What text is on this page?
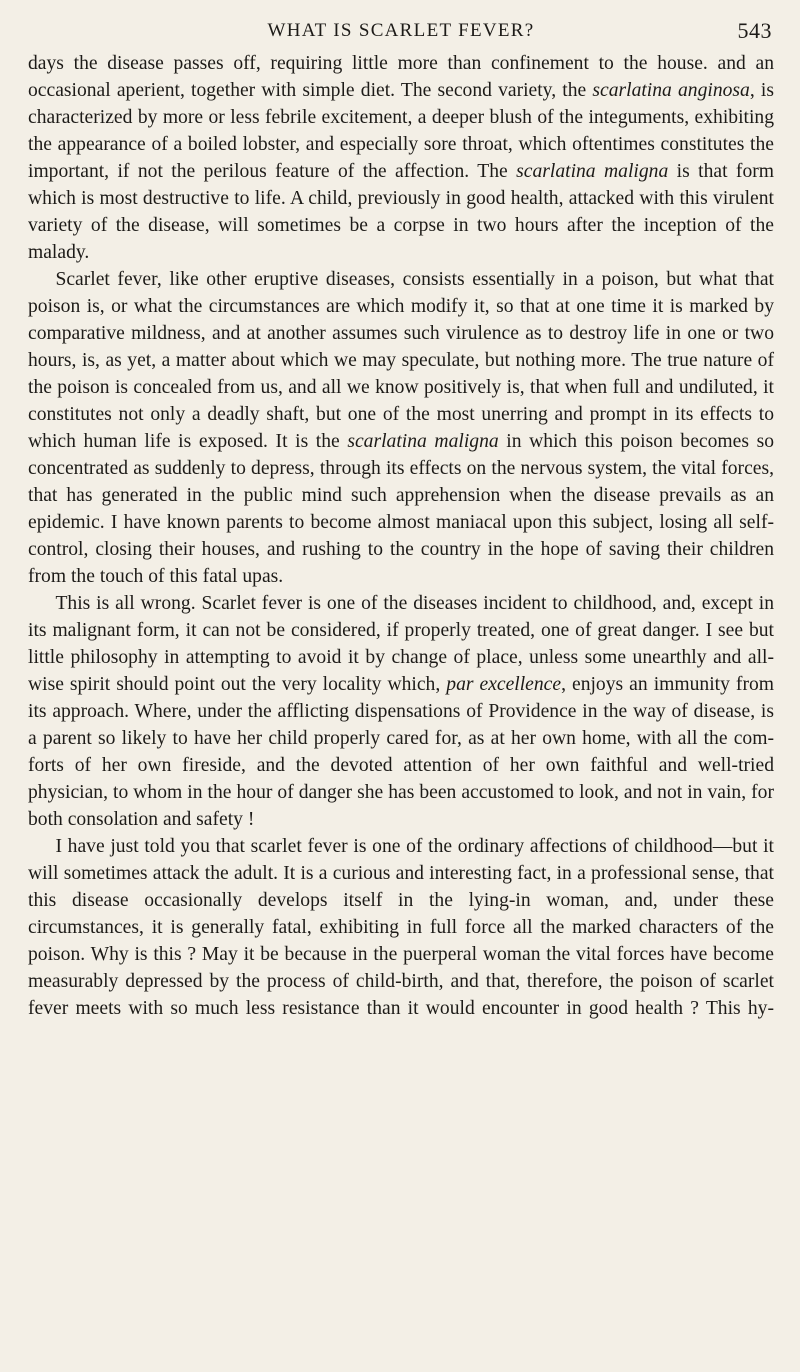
WHAT IS SCARLET FEVER?	543

days the disease passes off, requiring little more than confinement to the house. and an occasional aperient, together with simple diet. The second variety, the scarlatina anginosa, is characterized by more or less febrile excitement, a deeper blush of the integuments, exhibiting the appearance of a boiled lobster, and especially sore throat, which oftentimes constitutes the important, if not the perilous feature of the affection. The scarlatina maligna is that form which is most destructive to life. A child, previously in good health, attacked with this virulent variety of the disease, will sometimes be a corpse in two hours after the inception of the malady.

Scarlet fever, like other eruptive diseases, consists essentially in a poison, but what that poison is, or what the circumstances are which modify it, so that at one time it is marked by comparative mildness, and at another assumes such virulence as to destroy life in one or two hours, is, as yet, a matter about which we may speculate, but nothing more. The true nature of the poison is concealed from us, and all we know positively is, that when full and undiluted, it constitutes not only a deadly shaft, but one of the most unerring and prompt in its effects to which human life is exposed. It is the scarlatina maligna in which this poison becomes so concentrated as suddenly to depress, through its effects on the nervous system, the vital forces, that has generated in the public mind such apprehension when the disease prevails as an epidemic. I have known parents to become almost maniacal upon this subject, losing all self-control, closing their houses, and rushing to the country in the hope of saving their children from the touch of this fatal upas.

This is all wrong. Scarlet fever is one of the diseases incident to childhood, and, except in its malignant form, it can not be considered, if properly treated, one of great danger. I see but little philosophy in attempting to avoid it by change of place, unless some unearthly and all-wise spirit should point out the very locality which, par excellence, enjoys an immunity from its approach. Where, under the afflicting dispensations of Providence in the way of disease, is a parent so likely to have her child properly cared for, as at her own home, with all the comforts of her own fireside, and the devoted attention of her own faithful and well-tried physician, to whom in the hour of danger she has been accustomed to look, and not in vain, for both consolation and safety !

I have just told you that scarlet fever is one of the ordinary affections of childhood—but it will sometimes attack the adult. It is a curious and interesting fact, in a professional sense, that this disease occasionally develops itself in the lying-in woman, and, under these circumstances, it is generally fatal, exhibiting in full force all the marked characters of the poison. Why is this ? May it be because in the puerperal woman the vital forces have become measurably depressed by the process of child-birth, and that, therefore, the poison of scarlet fever meets with so much less resistance than it would encounter in good health ? This hy-
